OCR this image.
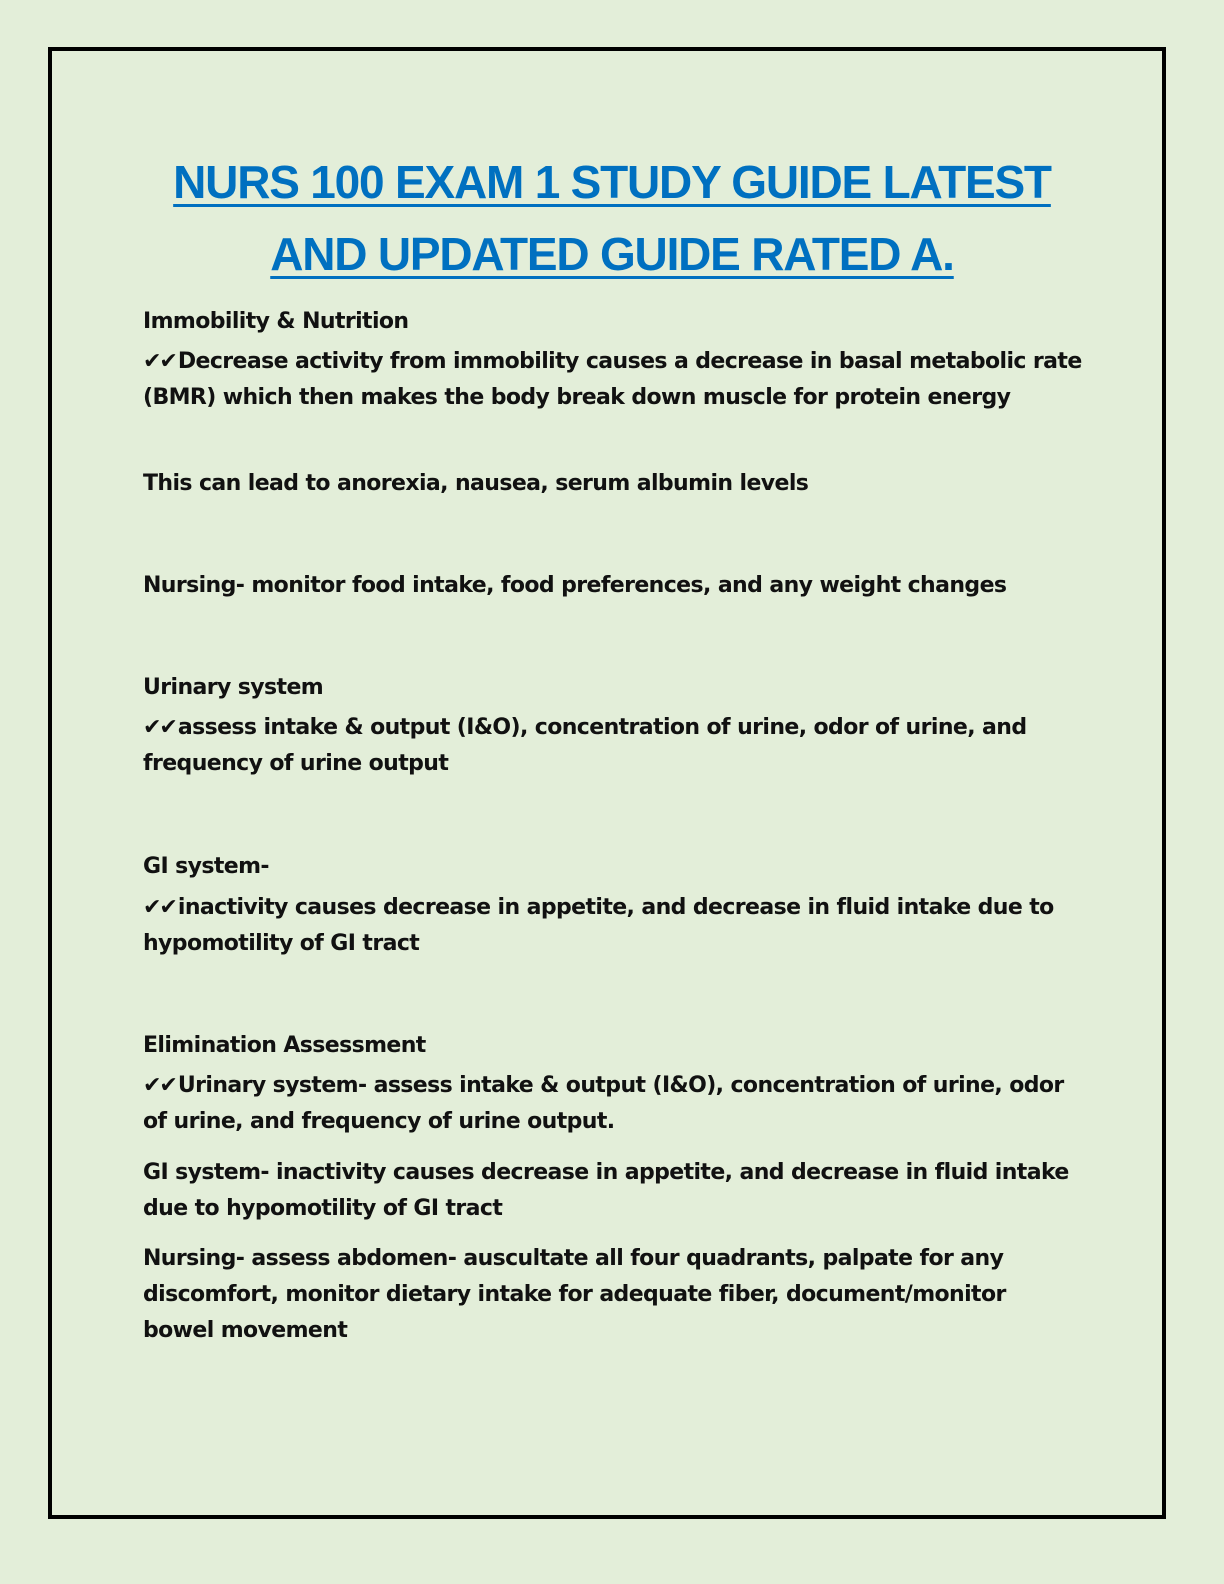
NURS 100 EXAM 1 STUDY GUIDE LATEST
AND UPDATED GUIDE RATED A.

Immobility & Nutrition

✔✔Decrease activity from immobility causes a decrease in basal metabolic rate (BMR) which then makes the body break down muscle for protein energy

This can lead to anorexia, nausea, serum albumin levels

Nursing- monitor food intake, food preferences, and any weight changes

Urinary system

✔✔assess intake & output (I&O), concentration of urine, odor of urine, and frequency of urine output

GI system-

✔✔inactivity causes decrease in appetite, and decrease in fluid intake due to hypomotility of GI tract

Elimination Assessment

✔✔Urinary system- assess intake & output (I&O), concentration of urine, odor of urine, and frequency of urine output.

GI system- inactivity causes decrease in appetite, and decrease in fluid intake due to hypomotility of GI tract

Nursing- assess abdomen- auscultate all four quadrants, palpate for any discomfort, monitor dietary intake for adequate fiber, document/monitor bowel movement
